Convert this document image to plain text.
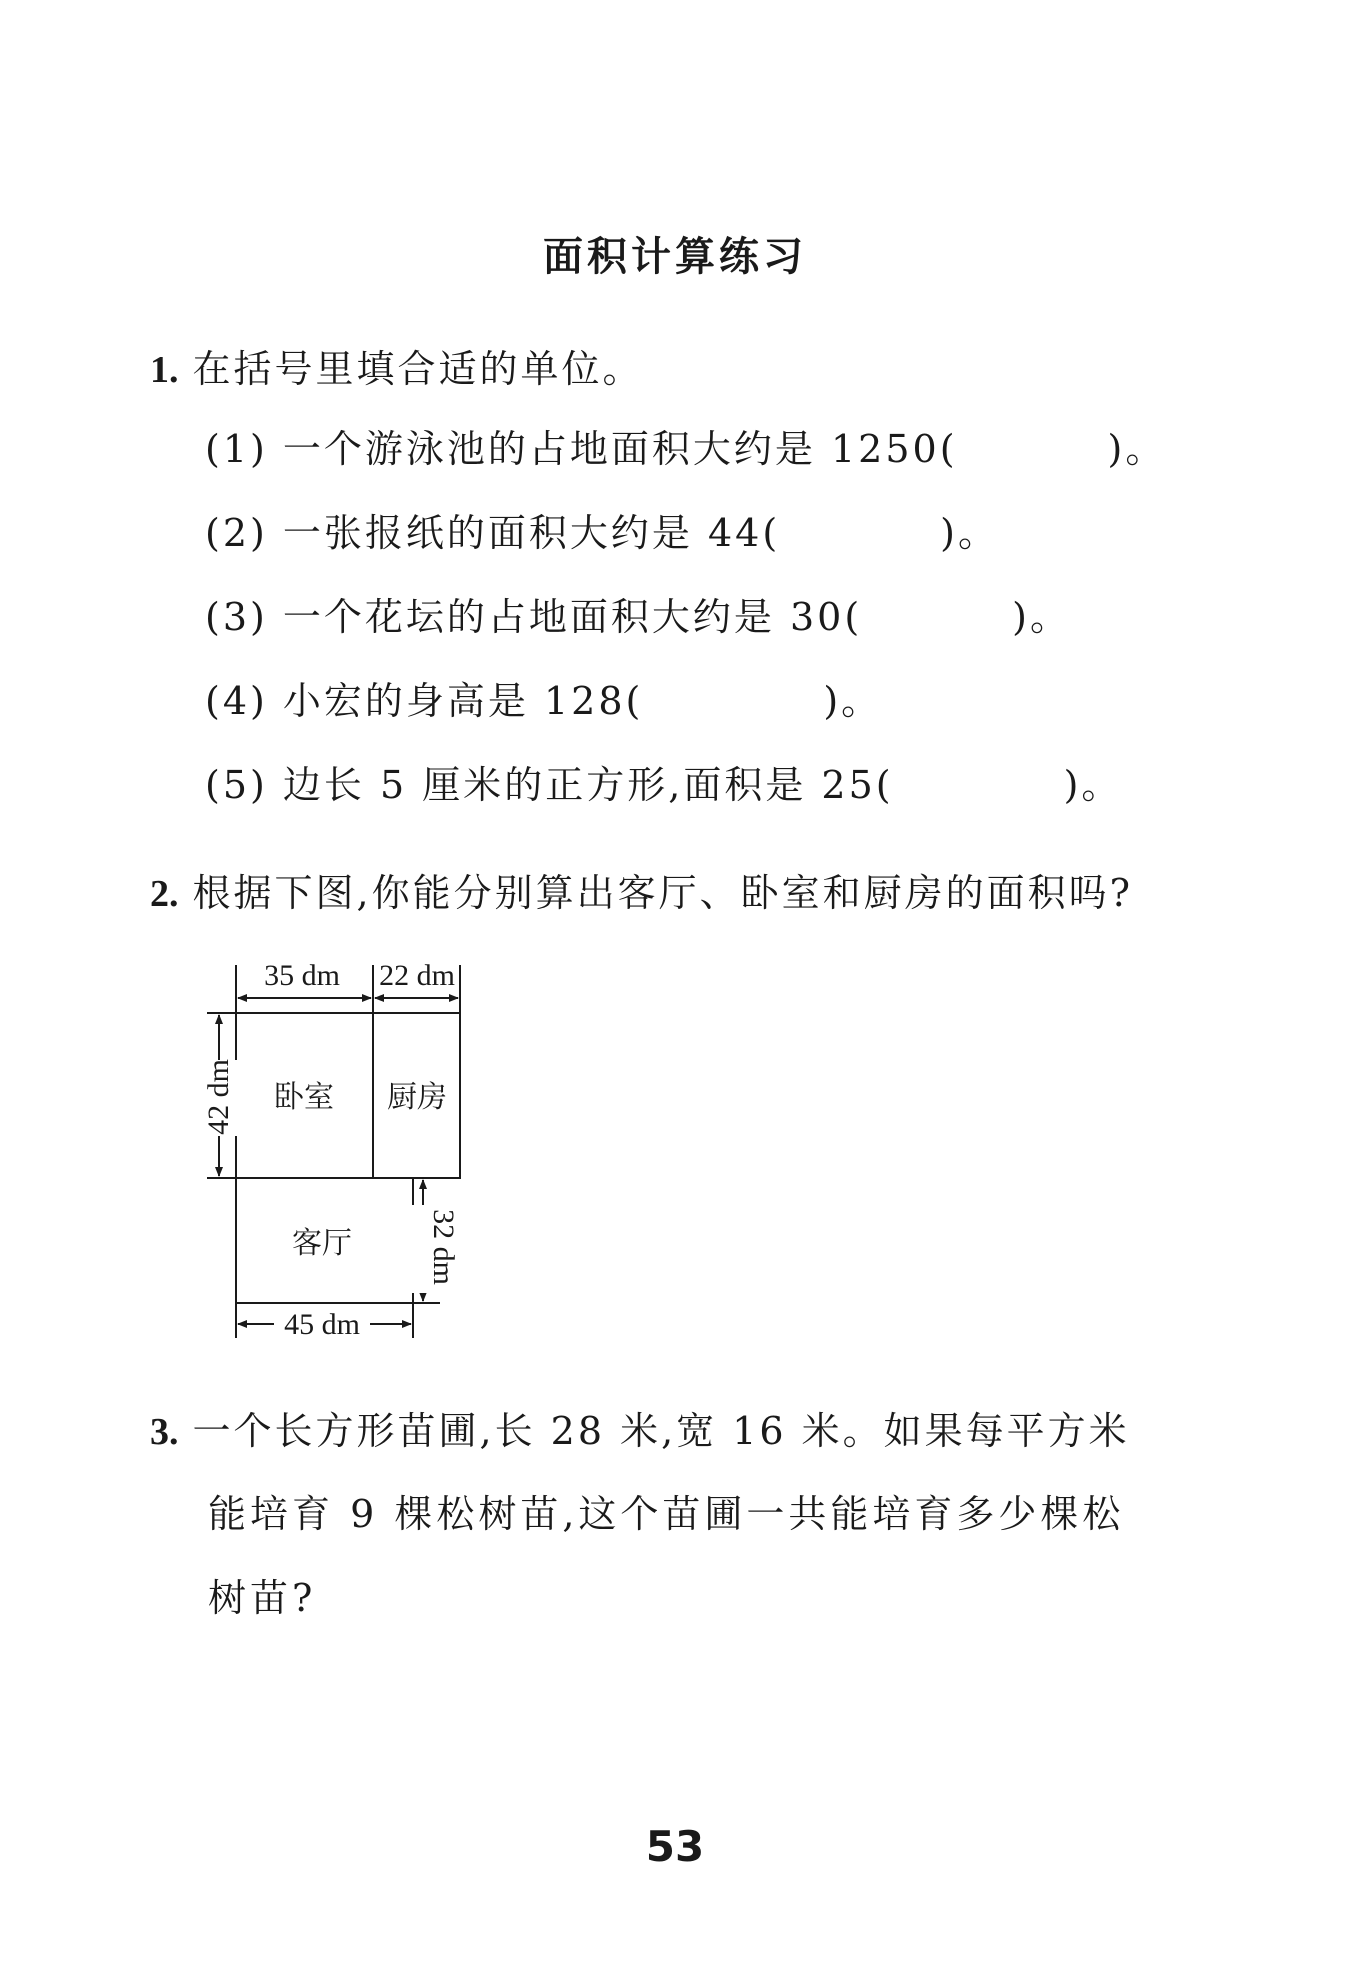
面积计算练习
1. 在括号里填合适的单位。
(1) 一个游泳池的占地面积大约是 1250(	)。
(2) 一张报纸的面积大约是 44(	)。
(3) 一个花坛的占地面积大约是 30(	)。
(4) 小宏的身高是 128(	)。
(5) 边长 5 厘米的正方形,面积是 25(	)。
2. 根据下图,你能分别算出客厅、卧室和厨房的面积吗?
35 dm 22 dm
42 dm
32 dm
45 dm
卧室 厨房
客厅
3. 一个长方形苗圃,长 28 米,宽 16 米。如果每平方米
能培育 9 棵松树苗,这个苗圃一共能培育多少棵松
树苗?
53
